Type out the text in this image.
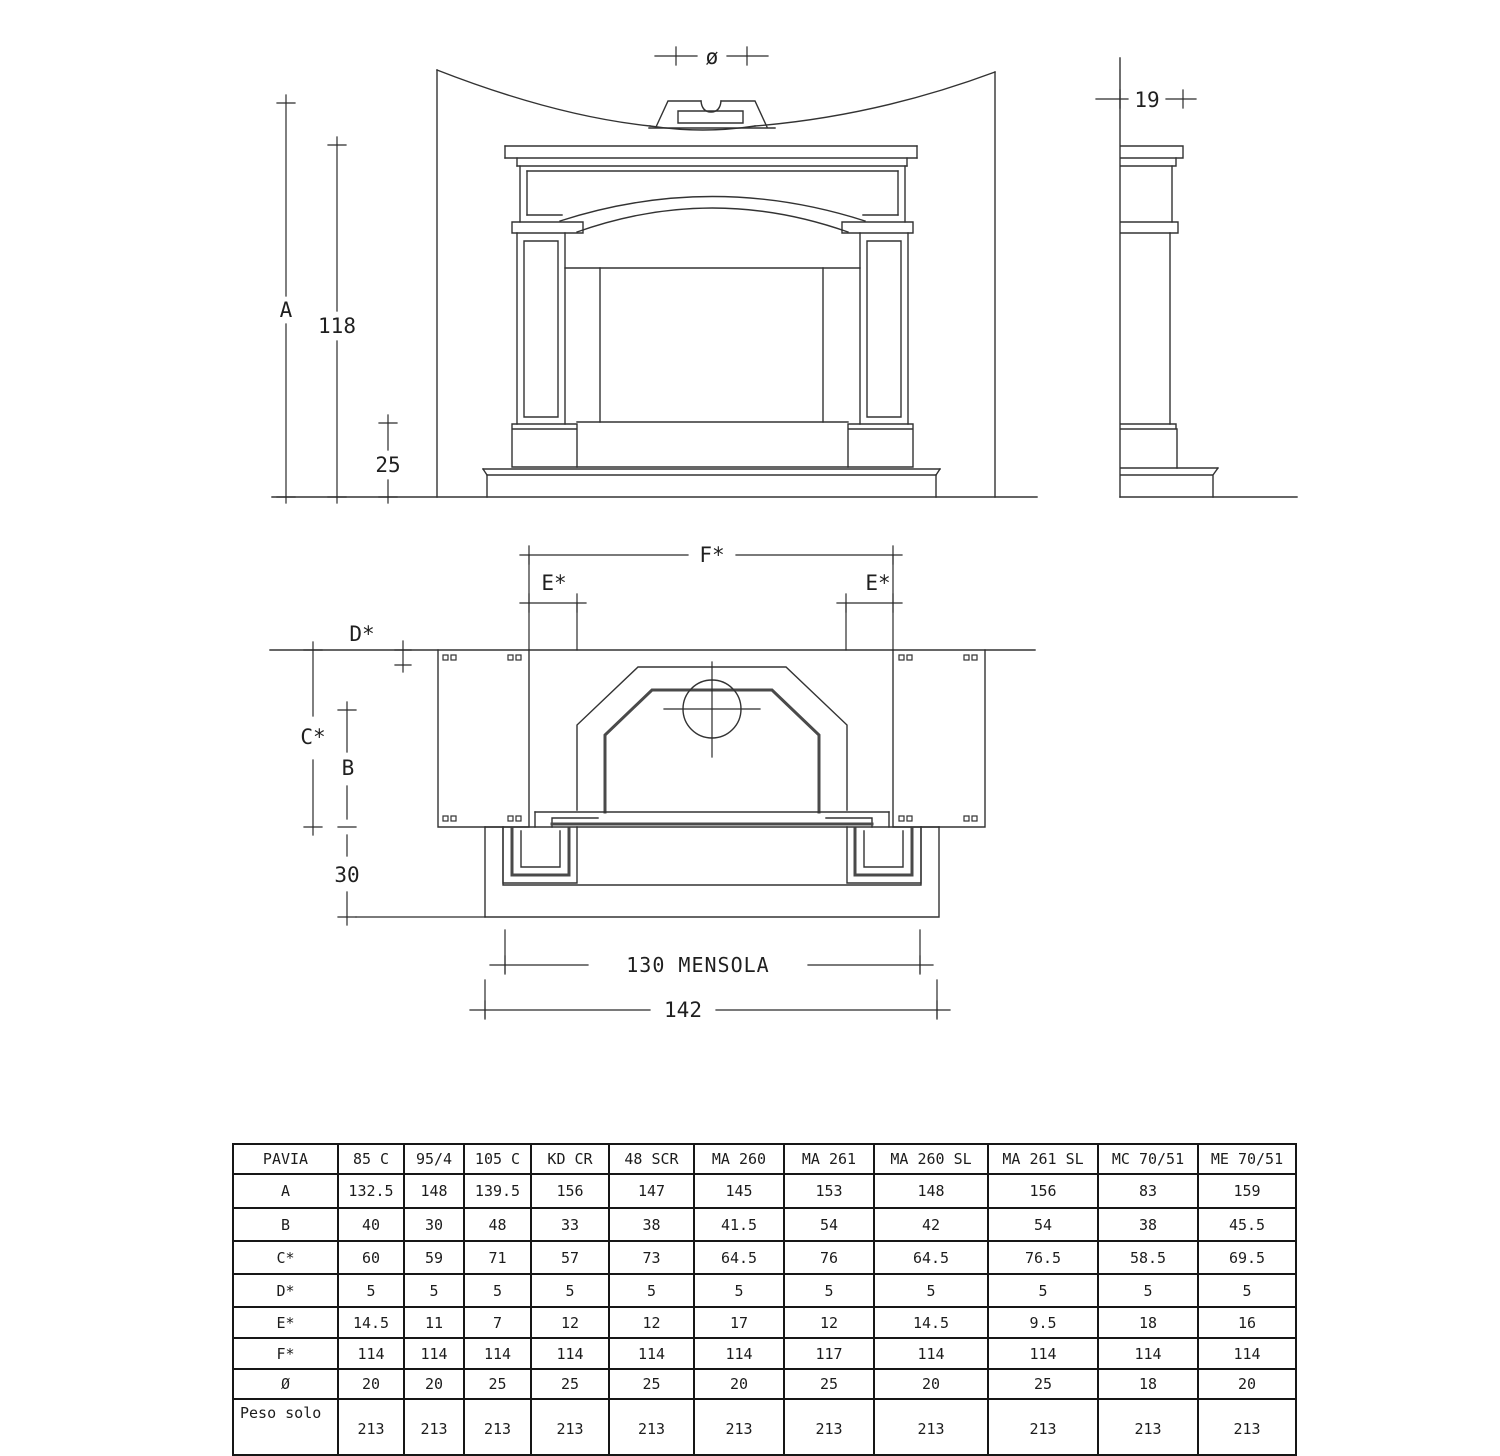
ø
A
118
25
19
F*
E*	E*
D*
C*
B
30
130 MENSOLA
142
PAVIA	85 C	95/4	105 C	KD CR	48 SCR	MA 260	MA 261	MA 260 SL	MA 261 SL	MC 70/51	ME 70/51
A	132.5	148	139.5	156	147	145	153	148	156	83	159
B	40	30	48	33	38	41.5	54	42	54	38	45.5
C*	60	59	71	57	73	64.5	76	64.5	76.5	58.5	69.5
D*	5	5	5	5	5	5	5	5	5	5	5
E*	14.5	11	7	12	12	17	12	14.5	9.5	18	16
F*	114	114	114	114	114	114	117	114	114	114	114
Ø	20	20	25	25	25	20	25	20	25	18	20
Peso solo	213	213	213	213	213	213	213	213	213	213	213
